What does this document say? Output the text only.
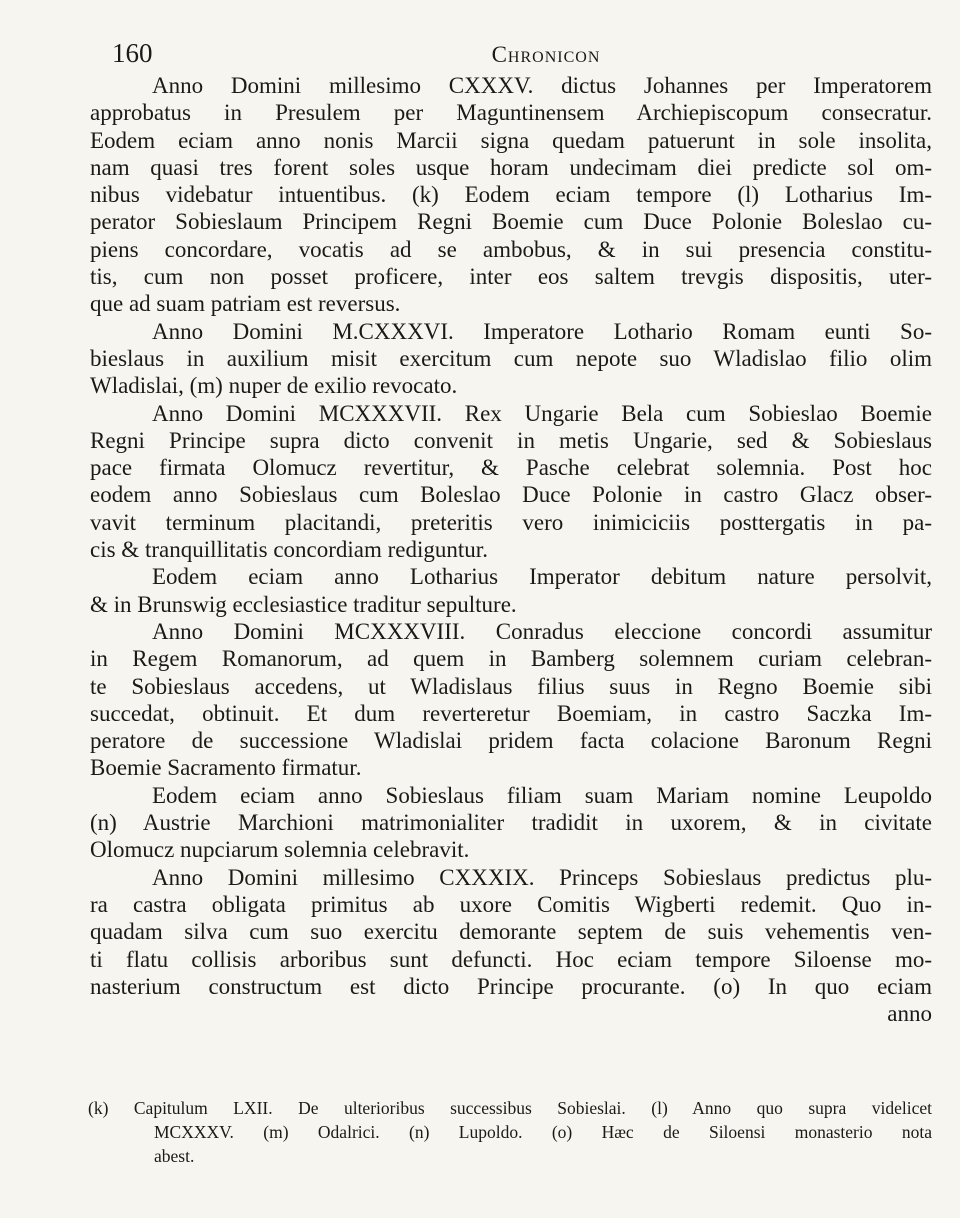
160	Chronicon
Anno Domini millesimo CXXXV. dictus Johannes per Imperatorem
approbatus in Presulem per Maguntinensem Archiepiscopum consecratur.
Eodem eciam anno nonis Marcii signa quedam patuerunt in sole insolita,
nam quasi tres forent soles usque horam undecimam diei predicte sol om-
nibus videbatur intuentibus. (k) Eodem eciam tempore (l) Lotharius Im-
perator Sobieslaum Principem Regni Boemie cum Duce Polonie Boleslao cu-
piens concordare, vocatis ad se ambobus, & in sui presencia constitu-
tis, cum non posset proficere, inter eos saltem trevgis dispositis, uter-
que ad suam patriam est reversus.
Anno Domini M.CXXXVI. Imperatore Lothario Romam eunti So-
bieslaus in auxilium misit exercitum cum nepote suo Wladislao filio olim
Wladislai, (m) nuper de exilio revocato.
Anno Domini MCXXXVII. Rex Ungarie Bela cum Sobieslao Boemie
Regni Principe supra dicto convenit in metis Ungarie, sed & Sobieslaus
pace firmata Olomucz revertitur, & Pasche celebrat solemnia. Post hoc
eodem anno Sobieslaus cum Boleslao Duce Polonie in castro Glacz obser-
vavit terminum placitandi, preteritis vero inimiciciis posttergatis in pa-
cis & tranquillitatis concordiam rediguntur.
Eodem eciam anno Lotharius Imperator debitum nature persolvit,
& in Brunswig ecclesiastice traditur sepulture.
Anno Domini MCXXXVIII. Conradus eleccione concordi assumitur
in Regem Romanorum, ad quem in Bamberg solemnem curiam celebran-
te Sobieslaus accedens, ut Wladislaus filius suus in Regno Boemie sibi
succedat, obtinuit. Et dum reverteretur Boemiam, in castro Saczka Im-
peratore de successione Wladislai pridem facta colacione Baronum Regni
Boemie Sacramento firmatur.
Eodem eciam anno Sobieslaus filiam suam Mariam nomine Leupoldo
(n) Austrie Marchioni matrimonialiter tradidit in uxorem, & in civitate
Olomucz nupciarum solemnia celebravit.
Anno Domini millesimo CXXXIX. Princeps Sobieslaus predictus plu-
ra castra obligata primitus ab uxore Comitis Wigberti redemit. Quo in-
quadam silva cum suo exercitu demorante septem de suis vehementis ven-
ti flatu collisis arboribus sunt defuncti. Hoc eciam tempore Siloense mo-
nasterium constructum est dicto Principe procurante. (o) In quo eciam
anno
(k) Capitulum LXII. De ulterioribus successibus Sobieslai. (l) Anno quo supra videlicet
MCXXXV. (m) Odalrici. (n) Lupoldo. (o) Hæc de Siloensi monasterio nota
abest.
